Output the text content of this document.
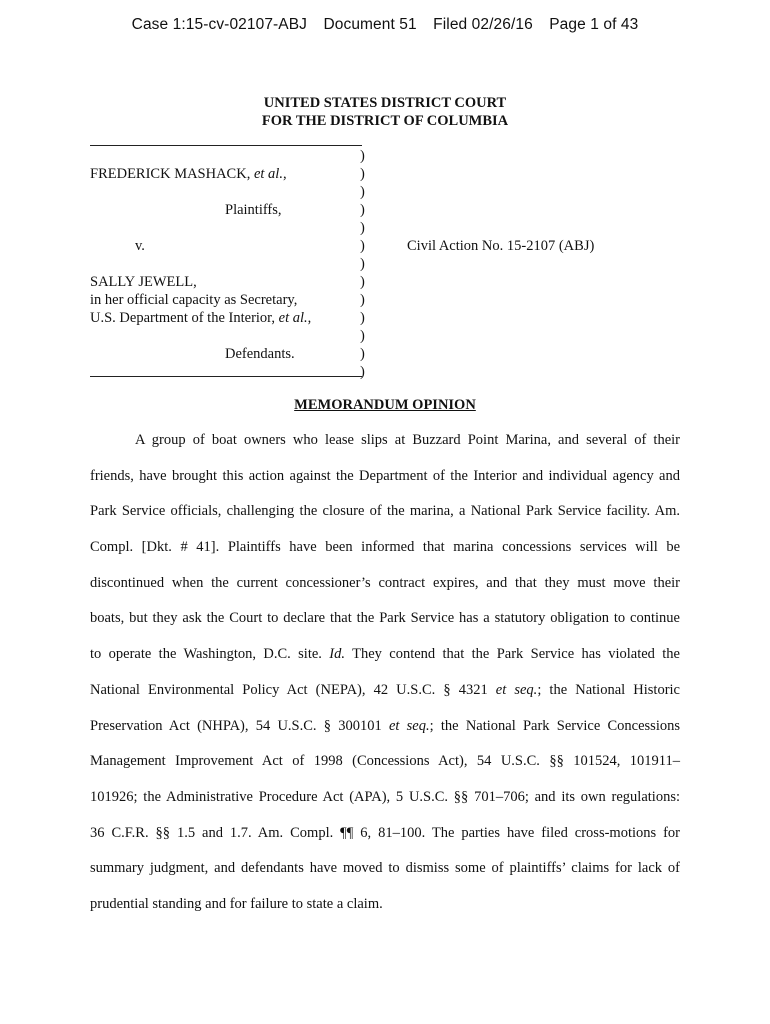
Case 1:15-cv-02107-ABJ Document 51 Filed 02/26/16 Page 1 of 43
UNITED STATES DISTRICT COURT
FOR THE DISTRICT OF COLUMBIA
)
)
)
)
)
)
)
)
)
)
)
)
)
FREDERICK MASHACK, et al.,
Plaintiffs,
v.	Civil Action No. 15-2107 (ABJ)
SALLY JEWELL,
in her official capacity as Secretary,
U.S. Department of the Interior, et al.,
Defendants.
MEMORANDUM OPINION
A group of boat owners who lease slips at Buzzard Point Marina, and several of their
friends, have brought this action against the Department of the Interior and individual agency and
Park Service officials, challenging the closure of the marina, a National Park Service facility. Am.
Compl. [Dkt. # 41]. Plaintiffs have been informed that marina concessions services will be
discontinued when the current concessioner’s contract expires, and that they must move their
boats, but they ask the Court to declare that the Park Service has a statutory obligation to continue
to operate the Washington, D.C. site. Id. They contend that the Park Service has violated the
National Environmental Policy Act (NEPA), 42 U.S.C. § 4321 et seq.; the National Historic
Preservation Act (NHPA), 54 U.S.C. § 300101 et seq.; the National Park Service Concessions
Management Improvement Act of 1998 (Concessions Act), 54 U.S.C. §§ 101524, 101911–
101926; the Administrative Procedure Act (APA), 5 U.S.C. §§ 701–706; and its own regulations:
36 C.F.R. §§ 1.5 and 1.7. Am. Compl. ¶¶ 6, 81–100. The parties have filed cross-motions for
summary judgment, and defendants have moved to dismiss some of plaintiffs’ claims for lack of
prudential standing and for failure to state a claim.
